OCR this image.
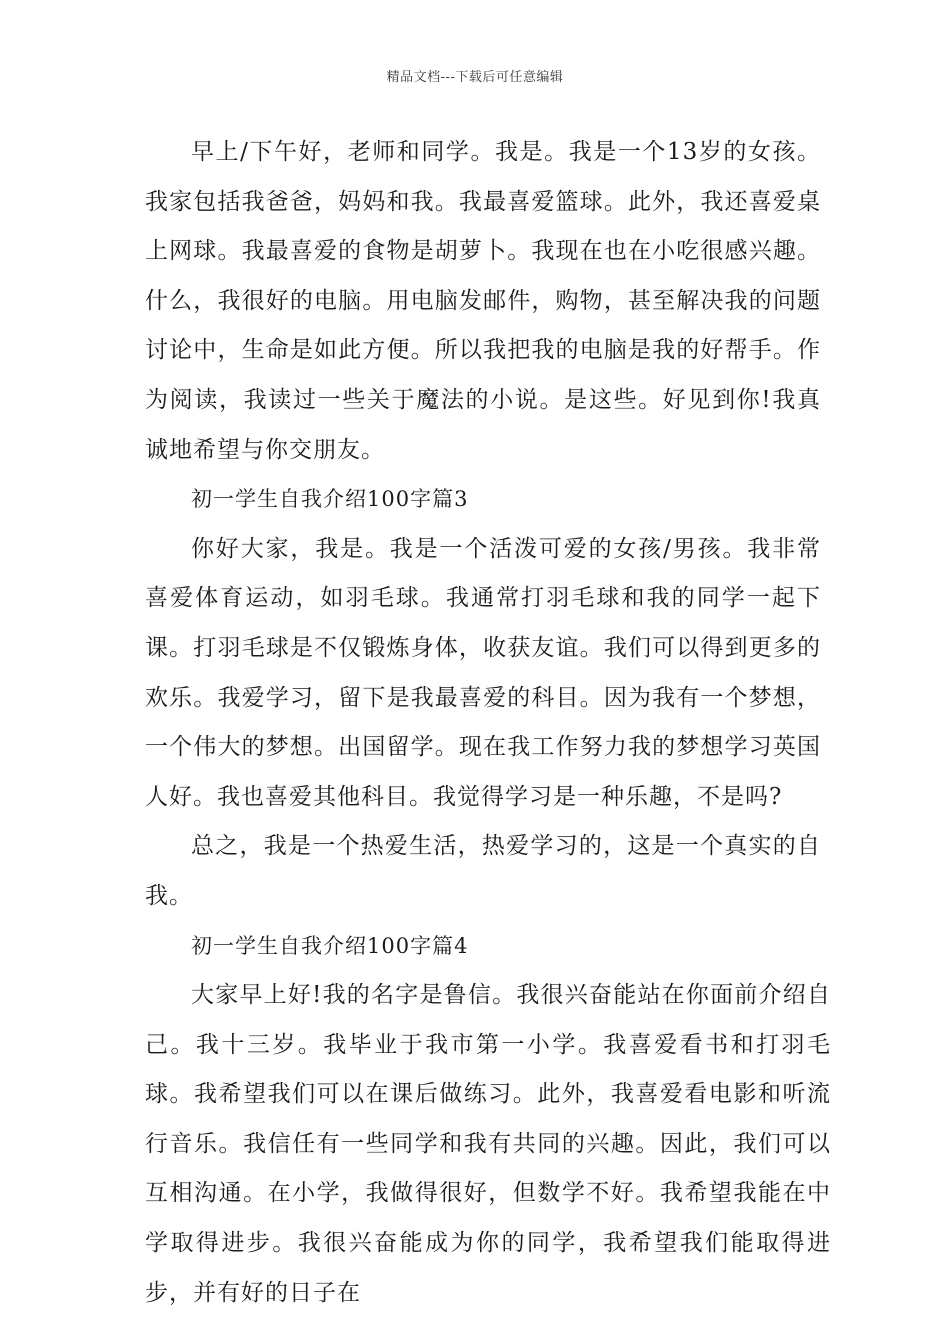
精品文档---下载后可任意编辑

早上/下午好，老师和同学。我是。我是一个13岁的女孩。我家包括我爸爸，妈妈和我。我最喜爱篮球。此外，我还喜爱桌上网球。我最喜爱的食物是胡萝卜。我现在也在小吃很感兴趣。什么，我很好的电脑。用电脑发邮件，购物，甚至解决我的问题讨论中，生命是如此方便。所以我把我的电脑是我的好帮手。作为阅读，我读过一些关于魔法的小说。是这些。好见到你!我真诚地希望与你交朋友。

初一学生自我介绍100字篇3

你好大家，我是。我是一个活泼可爱的女孩/男孩。我非常喜爱体育运动，如羽毛球。我通常打羽毛球和我的同学一起下课。打羽毛球是不仅锻炼身体，收获友谊。我们可以得到更多的欢乐。我爱学习，留下是我最喜爱的科目。因为我有一个梦想，一个伟大的梦想。出国留学。现在我工作努力我的梦想学习英国人好。我也喜爱其他科目。我觉得学习是一种乐趣，不是吗?

总之，我是一个热爱生活，热爱学习的，这是一个真实的自我。

初一学生自我介绍100字篇4

大家早上好!我的名字是鲁信。我很兴奋能站在你面前介绍自己。我十三岁。我毕业于我市第一小学。我喜爱看书和打羽毛球。我希望我们可以在课后做练习。此外，我喜爱看电影和听流行音乐。我信任有一些同学和我有共同的兴趣。因此，我们可以互相沟通。在小学，我做得很好，但数学不好。我希望我能在中学取得进步。我很兴奋能成为你的同学，我希望我们能取得进步，并有好的日子在
